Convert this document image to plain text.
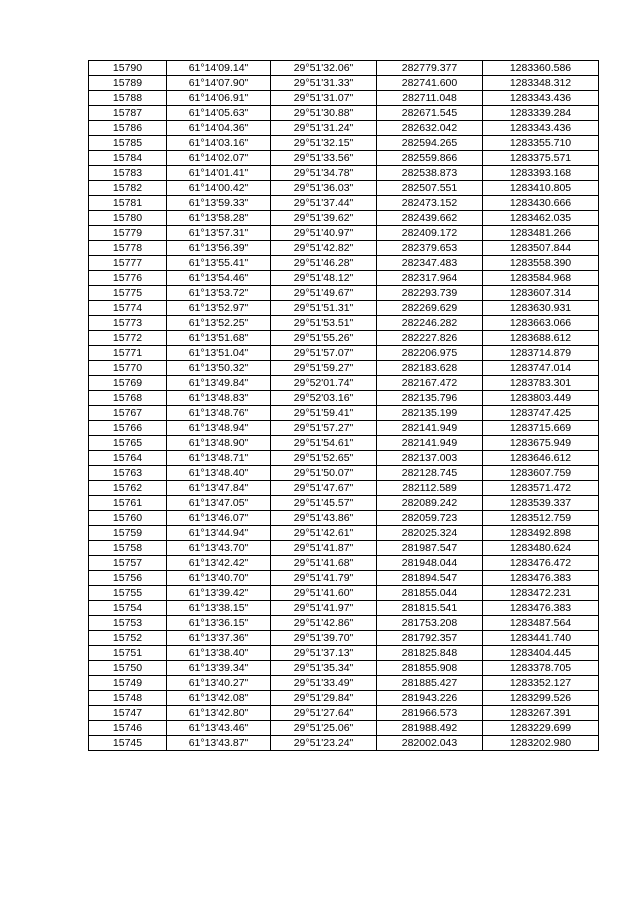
15790	61°14'09.14"	29°51'32.06"	282779.377	1283360.586
15789	61°14'07.90"	29°51'31.33"	282741.600	1283348.312
15788	61°14'06.91"	29°51'31.07"	282711.048	1283343.436
15787	61°14'05.63"	29°51'30.88"	282671.545	1283339.284
15786	61°14'04.36"	29°51'31.24"	282632.042	1283343.436
15785	61°14'03.16"	29°51'32.15"	282594.265	1283355.710
15784	61°14'02.07"	29°51'33.56"	282559.866	1283375.571
15783	61°14'01.41"	29°51'34.78"	282538.873	1283393.168
15782	61°14'00.42"	29°51'36.03"	282507.551	1283410.805
15781	61°13'59.33"	29°51'37.44"	282473.152	1283430.666
15780	61°13'58.28"	29°51'39.62"	282439.662	1283462.035
15779	61°13'57.31"	29°51'40.97"	282409.172	1283481.266
15778	61°13'56.39"	29°51'42.82"	282379.653	1283507.844
15777	61°13'55.41"	29°51'46.28"	282347.483	1283558.390
15776	61°13'54.46"	29°51'48.12"	282317.964	1283584.968
15775	61°13'53.72"	29°51'49.67"	282293.739	1283607.314
15774	61°13'52.97"	29°51'51.31"	282269.629	1283630.931
15773	61°13'52.25"	29°51'53.51"	282246.282	1283663.066
15772	61°13'51.68"	29°51'55.26"	282227.826	1283688.612
15771	61°13'51.04"	29°51'57.07"	282206.975	1283714.879
15770	61°13'50.32"	29°51'59.27"	282183.628	1283747.014
15769	61°13'49.84"	29°52'01.74"	282167.472	1283783.301
15768	61°13'48.83"	29°52'03.16"	282135.796	1283803.449
15767	61°13'48.76"	29°51'59.41"	282135.199	1283747.425
15766	61°13'48.94"	29°51'57.27"	282141.949	1283715.669
15765	61°13'48.90"	29°51'54.61"	282141.949	1283675.949
15764	61°13'48.71"	29°51'52.65"	282137.003	1283646.612
15763	61°13'48.40"	29°51'50.07"	282128.745	1283607.759
15762	61°13'47.84"	29°51'47.67"	282112.589	1283571.472
15761	61°13'47.05"	29°51'45.57"	282089.242	1283539.337
15760	61°13'46.07"	29°51'43.86"	282059.723	1283512.759
15759	61°13'44.94"	29°51'42.61"	282025.324	1283492.898
15758	61°13'43.70"	29°51'41.87"	281987.547	1283480.624
15757	61°13'42.42"	29°51'41.68"	281948.044	1283476.472
15756	61°13'40.70"	29°51'41.79"	281894.547	1283476.383
15755	61°13'39.42"	29°51'41.60"	281855.044	1283472.231
15754	61°13'38.15"	29°51'41.97"	281815.541	1283476.383
15753	61°13'36.15"	29°51'42.86"	281753.208	1283487.564
15752	61°13'37.36"	29°51'39.70"	281792.357	1283441.740
15751	61°13'38.40"	29°51'37.13"	281825.848	1283404.445
15750	61°13'39.34"	29°51'35.34"	281855.908	1283378.705
15749	61°13'40.27"	29°51'33.49"	281885.427	1283352.127
15748	61°13'42.08"	29°51'29.84"	281943.226	1283299.526
15747	61°13'42.80"	29°51'27.64"	281966.573	1283267.391
15746	61°13'43.46"	29°51'25.06"	281988.492	1283229.699
15745	61°13'43.87"	29°51'23.24"	282002.043	1283202.980
